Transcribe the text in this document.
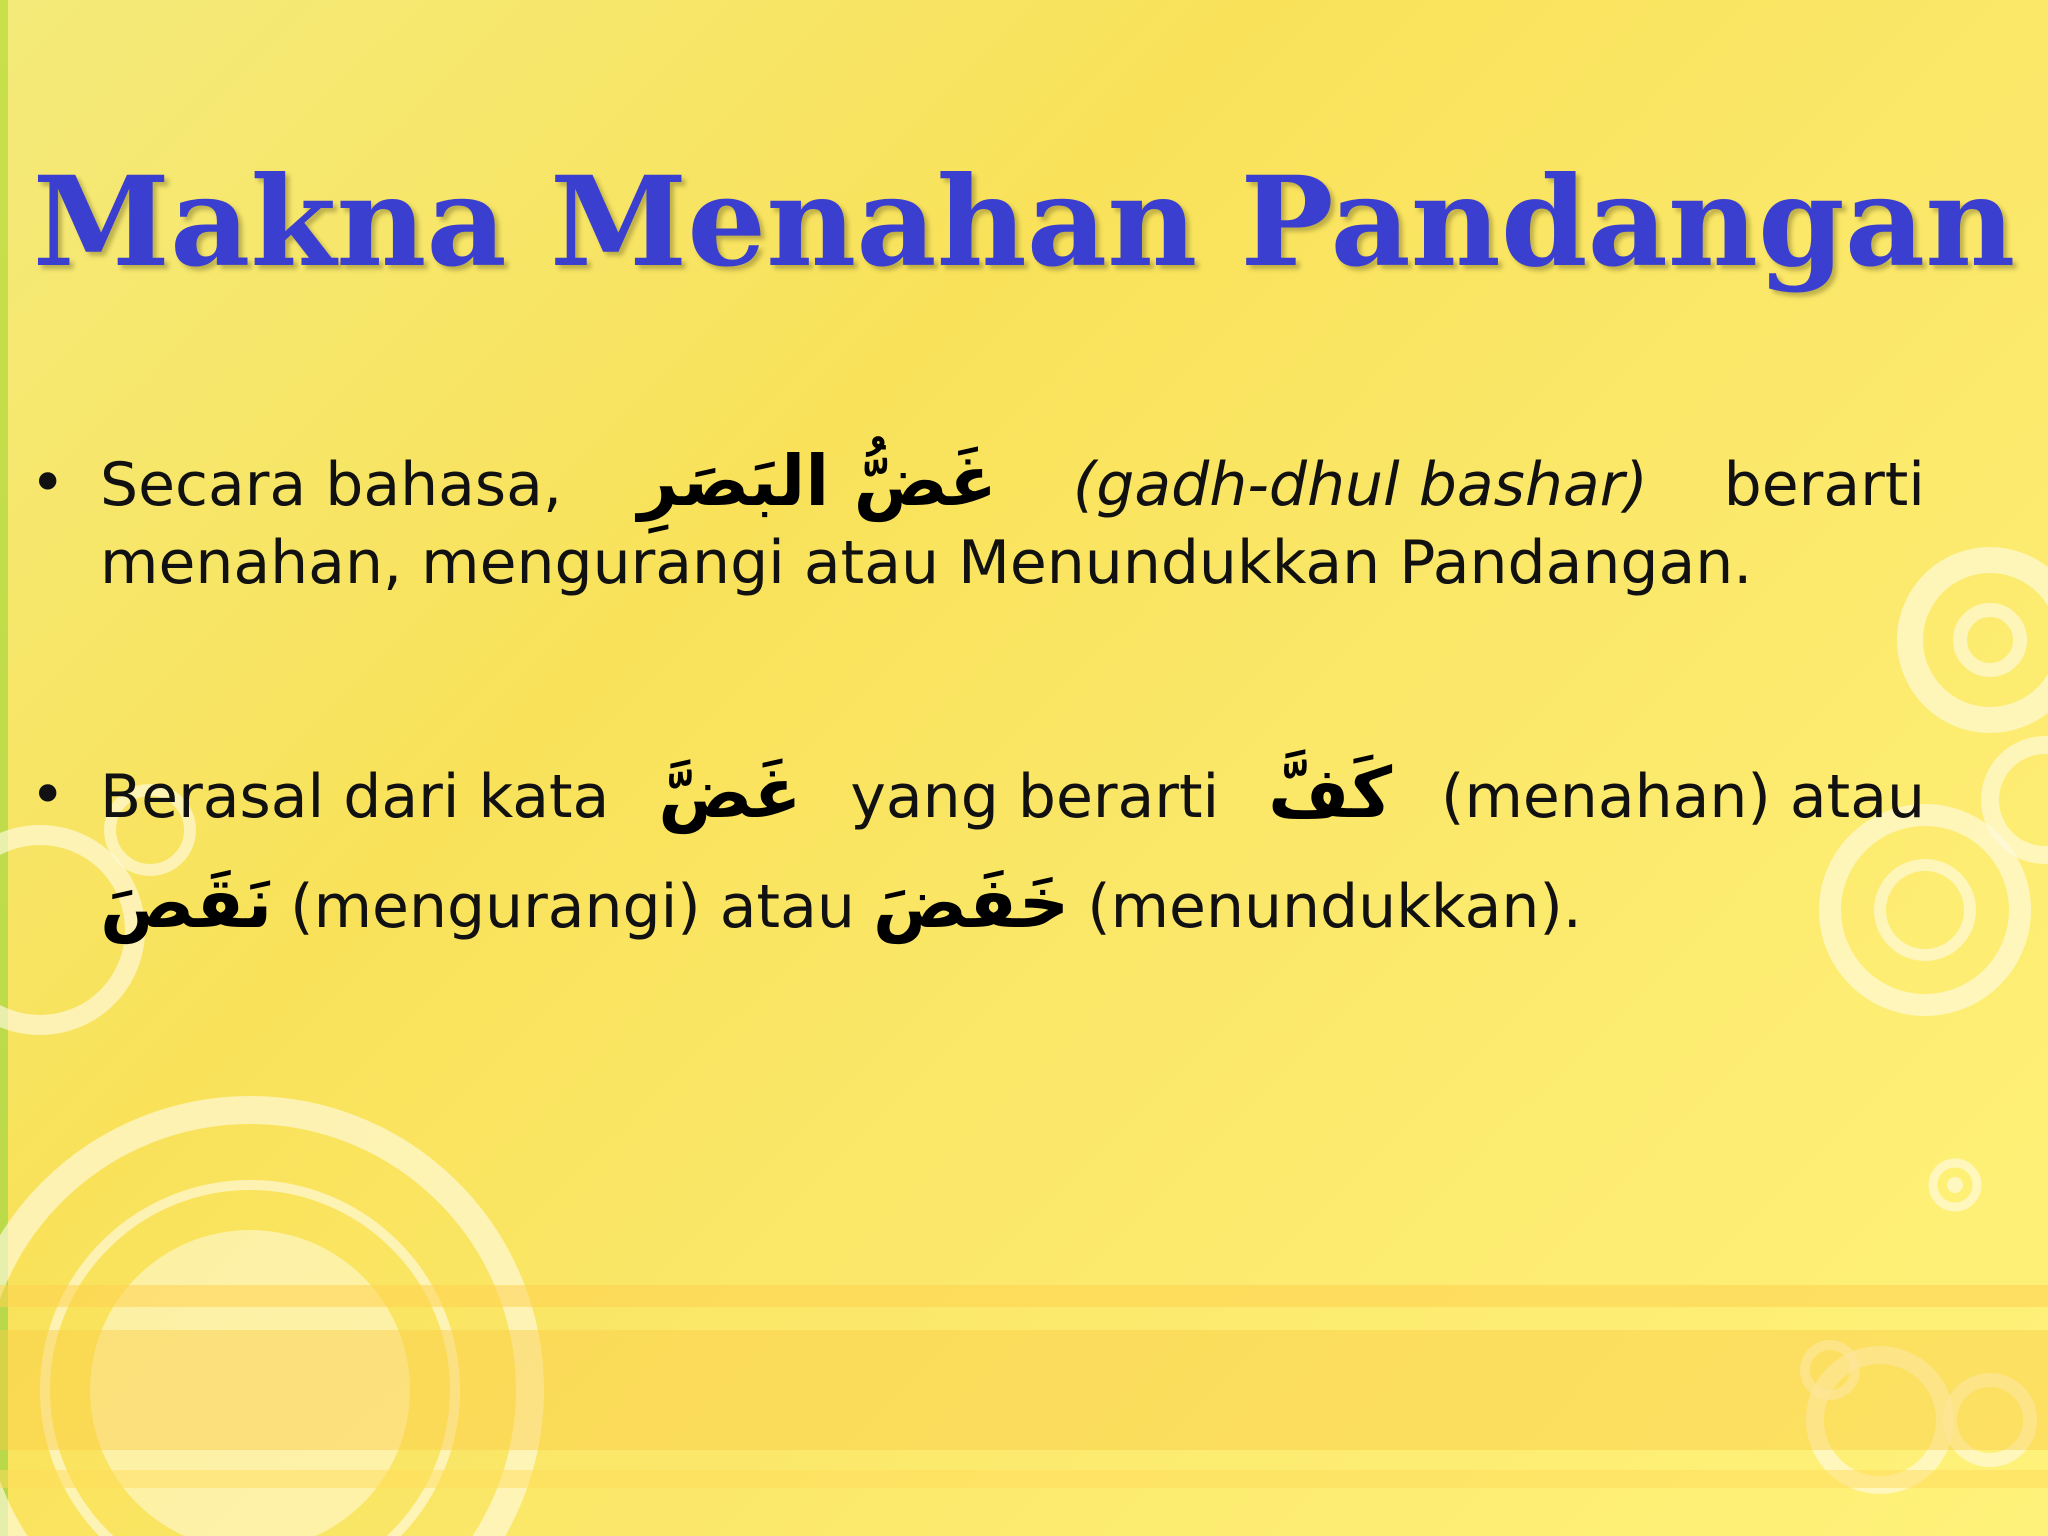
Makna Menahan Pandangan
• Secara bahasa, غَضُّ البَصَرِ (gadh-dhul bashar) berarti
menahan, mengurangi atau Menundukkan Pandangan.
• Berasal dari kata غَضَّ yang berarti كَفَّ (menahan) atau
نَقَصَ (mengurangi) atau خَفَضَ (menundukkan).
